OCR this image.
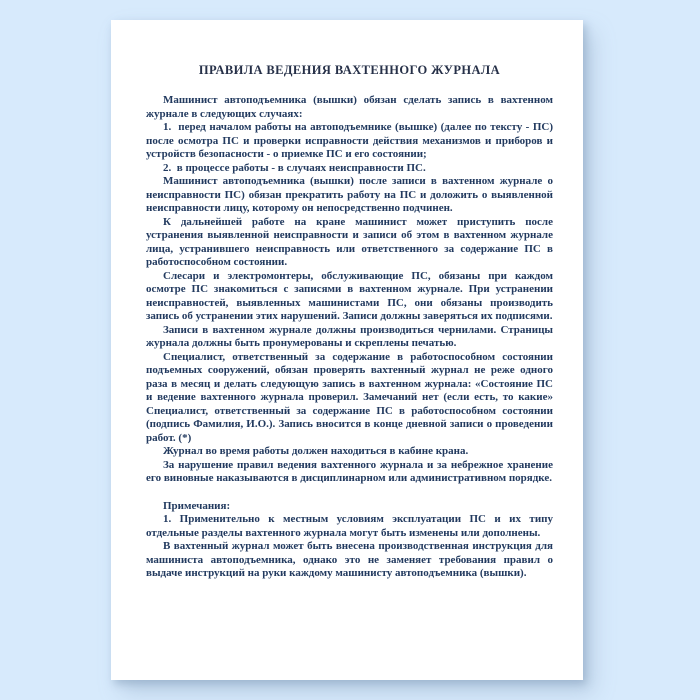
ПРАВИЛА ВЕДЕНИЯ ВАХТЕННОГО ЖУРНАЛА

Машинист автоподъемника (вышки) обязан сделать запись в вахтенном журнале в следующих случаях:

1.  перед началом работы на автоподъемнике (вышке) (далее по тексту - ПС) после осмотра ПС и проверки исправности действия механизмов и приборов и устройств безопасности - о приемке ПС и его состоянии;

2.  в процессе работы - в случаях неисправности ПС.

Машинист автоподъемника (вышки) после записи в вахтенном журнале о неисправности ПС) обязан прекратить работу на ПС и доложить о выявленной неисправности лицу, которому он непосредственно подчинен.

К дальнейшей работе на кране машинист может приступить после устранения выявленной неисправности и записи об этом в вахтенном журнале лица, устранившего неисправность или ответственного за содержание ПС в работоспособном состоянии.

Слесари и электромонтеры, обслуживающие ПС, обязаны при каждом осмотре ПС знакомиться с записями в вахтенном журнале. При устранении неисправностей, выявленных машинистами ПС, они обязаны производить запись об устранении этих нарушений. Записи должны заверяться их подписями.

Записи в вахтенном журнале должны производиться чернилами. Страницы журнала должны быть пронумерованы и скреплены печатью.

Специалист, ответственный за содержание в работоспособном состоянии подъемных сооружений, обязан проверять вахтенный журнал не реже одного раза в месяц и делать следующую запись в вахтенном журнала: «Состояние ПС и ведение вахтенного журнала проверил. Замечаний нет (если есть, то какие» Специалист, ответственный за содержание ПС в работоспособном состоянии (подпись Фамилия, И.О.). Запись вносится в конце дневной записи о проведении работ. (*)

Журнал во время работы должен находиться в кабине крана.

За нарушение правил ведения вахтенного журнала и за небрежное хранение его виновные наказываются в дисциплинарном или административном порядке.

Примечания:

1. Применительно к местным условиям эксплуатации ПС и их типу отдельные разделы вахтенного журнала могут быть изменены или дополнены.

В вахтенный журнал может быть внесена производственная инструкция для машиниста автоподъемника, однако это не заменяет требования правил о выдаче инструкций на руки каждому машинисту автоподъемника (вышки).
